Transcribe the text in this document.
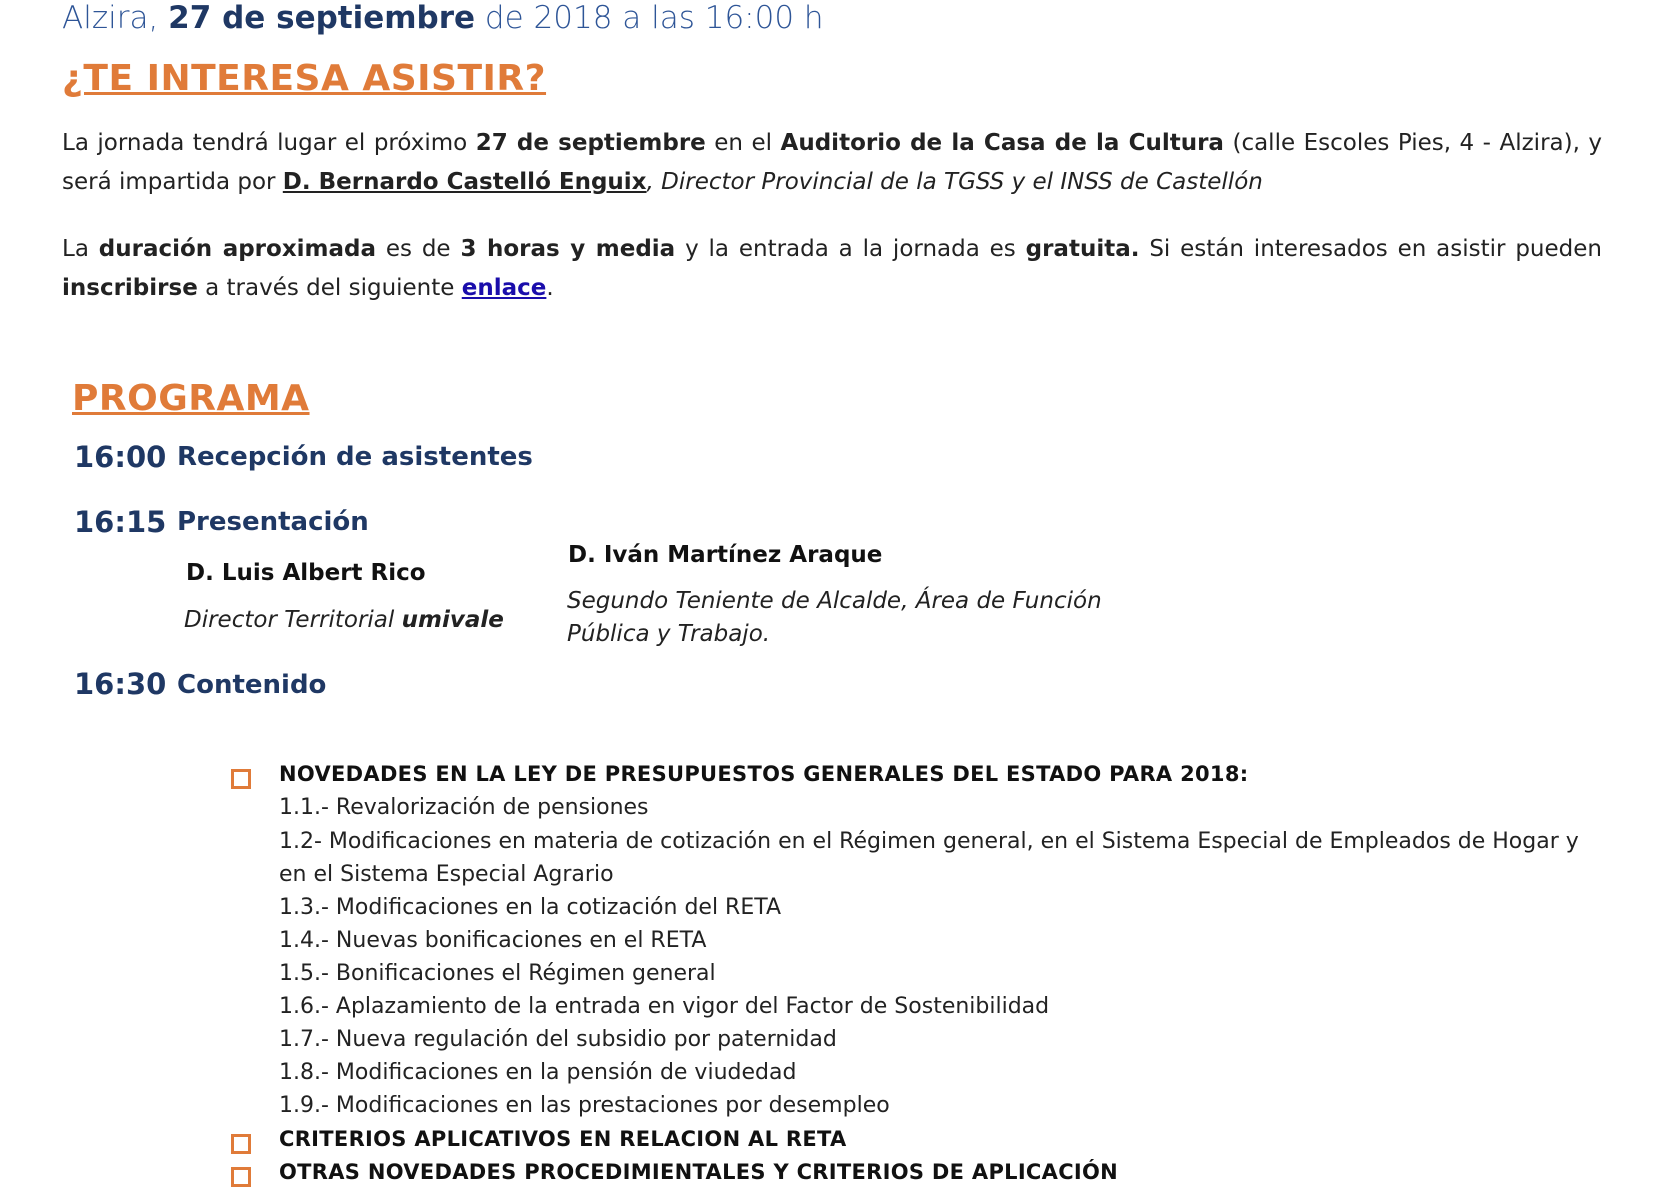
Alzira, 27 de septiembre de 2018 a las 16:00 h
¿TE INTERESA ASISTIR?
La jornada tendrá lugar el próximo 27 de septiembre en el Auditorio de la Casa de la Cultura (calle Escoles Pies, 4 - Alzira), y será impartida por D. Bernardo Castelló Enguix, Director Provincial de la TGSS y el INSS de Castellón
La duración aproximada es de 3 horas y media y la entrada a la jornada es gratuita. Si están interesados en asistir pueden inscribirse a través del siguiente enlace.
PROGRAMA
16:00 Recepción de asistentes
16:15 Presentación
D. Luis Albert Rico
Director Territorial umivale
D. Iván Martínez Araque
Segundo Teniente de Alcalde, Área de Función Pública y Trabajo.
16:30 Contenido
NOVEDADES EN LA LEY DE PRESUPUESTOS GENERALES DEL ESTADO PARA 2018:
1.1.- Revalorización de pensiones
1.2- Modificaciones en materia de cotización en el Régimen general, en el Sistema Especial de Empleados de Hogar y en el Sistema Especial Agrario
1.3.- Modificaciones en la cotización del RETA
1.4.- Nuevas bonificaciones en el RETA
1.5.- Bonificaciones el Régimen general
1.6.- Aplazamiento de la entrada en vigor del Factor de Sostenibilidad
1.7.- Nueva regulación del subsidio por paternidad
1.8.- Modificaciones en la pensión de viudedad
1.9.- Modificaciones en las prestaciones por desempleo
CRITERIOS APLICATIVOS EN RELACION AL RETA
OTRAS NOVEDADES PROCEDIMIENTALES Y CRITERIOS DE APLICACIÓN
